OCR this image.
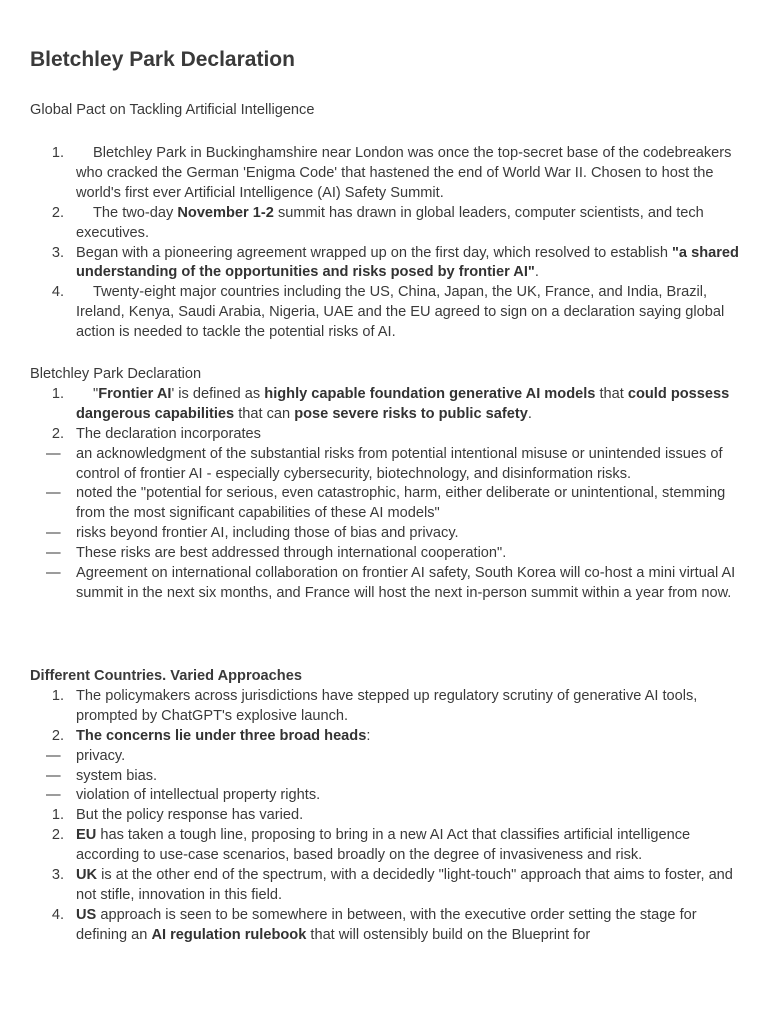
Bletchley Park Declaration
Global Pact on Tackling Artificial Intelligence
1. Bletchley Park in Buckinghamshire near London was once the top-secret base of the codebreakers who cracked the German 'Enigma Code' that hastened the end of World War II. Chosen to host the world's first ever Artificial Intelligence (AI) Safety Summit.
2. The two-day November 1-2 summit has drawn in global leaders, computer scientists, and tech executives.
3. Began with a pioneering agreement wrapped up on the first day, which resolved to establish "a shared understanding of the opportunities and risks posed by frontier AI".
4. Twenty-eight major countries including the US, China, Japan, the UK, France, and India, Brazil, Ireland, Kenya, Saudi Arabia, Nigeria, UAE and the EU agreed to sign on a declaration saying global action is needed to tackle the potential risks of AI.
Bletchley Park Declaration
1. "Frontier AI' is defined as highly capable foundation generative AI models that could possess dangerous capabilities that can pose severe risks to public safety.
2. The declaration incorporates
— an acknowledgment of the substantial risks from potential intentional misuse or unintended issues of control of frontier AI - especially cybersecurity, biotechnology, and disinformation risks.
— noted the "potential for serious, even catastrophic, harm, either deliberate or unintentional, stemming from the most significant capabilities of these AI models"
— risks beyond frontier AI, including those of bias and privacy.
— These risks are best addressed through international cooperation".
— Agreement on international collaboration on frontier AI safety, South Korea will co-host a mini virtual AI summit in the next six months, and France will host the next in-person summit within a year from now.
Different Countries. Varied Approaches
1. The policymakers across jurisdictions have stepped up regulatory scrutiny of generative AI tools, prompted by ChatGPT's explosive launch.
2. The concerns lie under three broad heads:
— privacy.
— system bias.
— violation of intellectual property rights.
1. But the policy response has varied.
2. EU has taken a tough line, proposing to bring in a new AI Act that classifies artificial intelligence according to use-case scenarios, based broadly on the degree of invasiveness and risk.
3. UK is at the other end of the spectrum, with a decidedly "light-touch" approach that aims to foster, and not stifle, innovation in this field.
4. US approach is seen to be somewhere in between, with the executive order setting the stage for defining an AI regulation rulebook that will ostensibly build on the Blueprint for
